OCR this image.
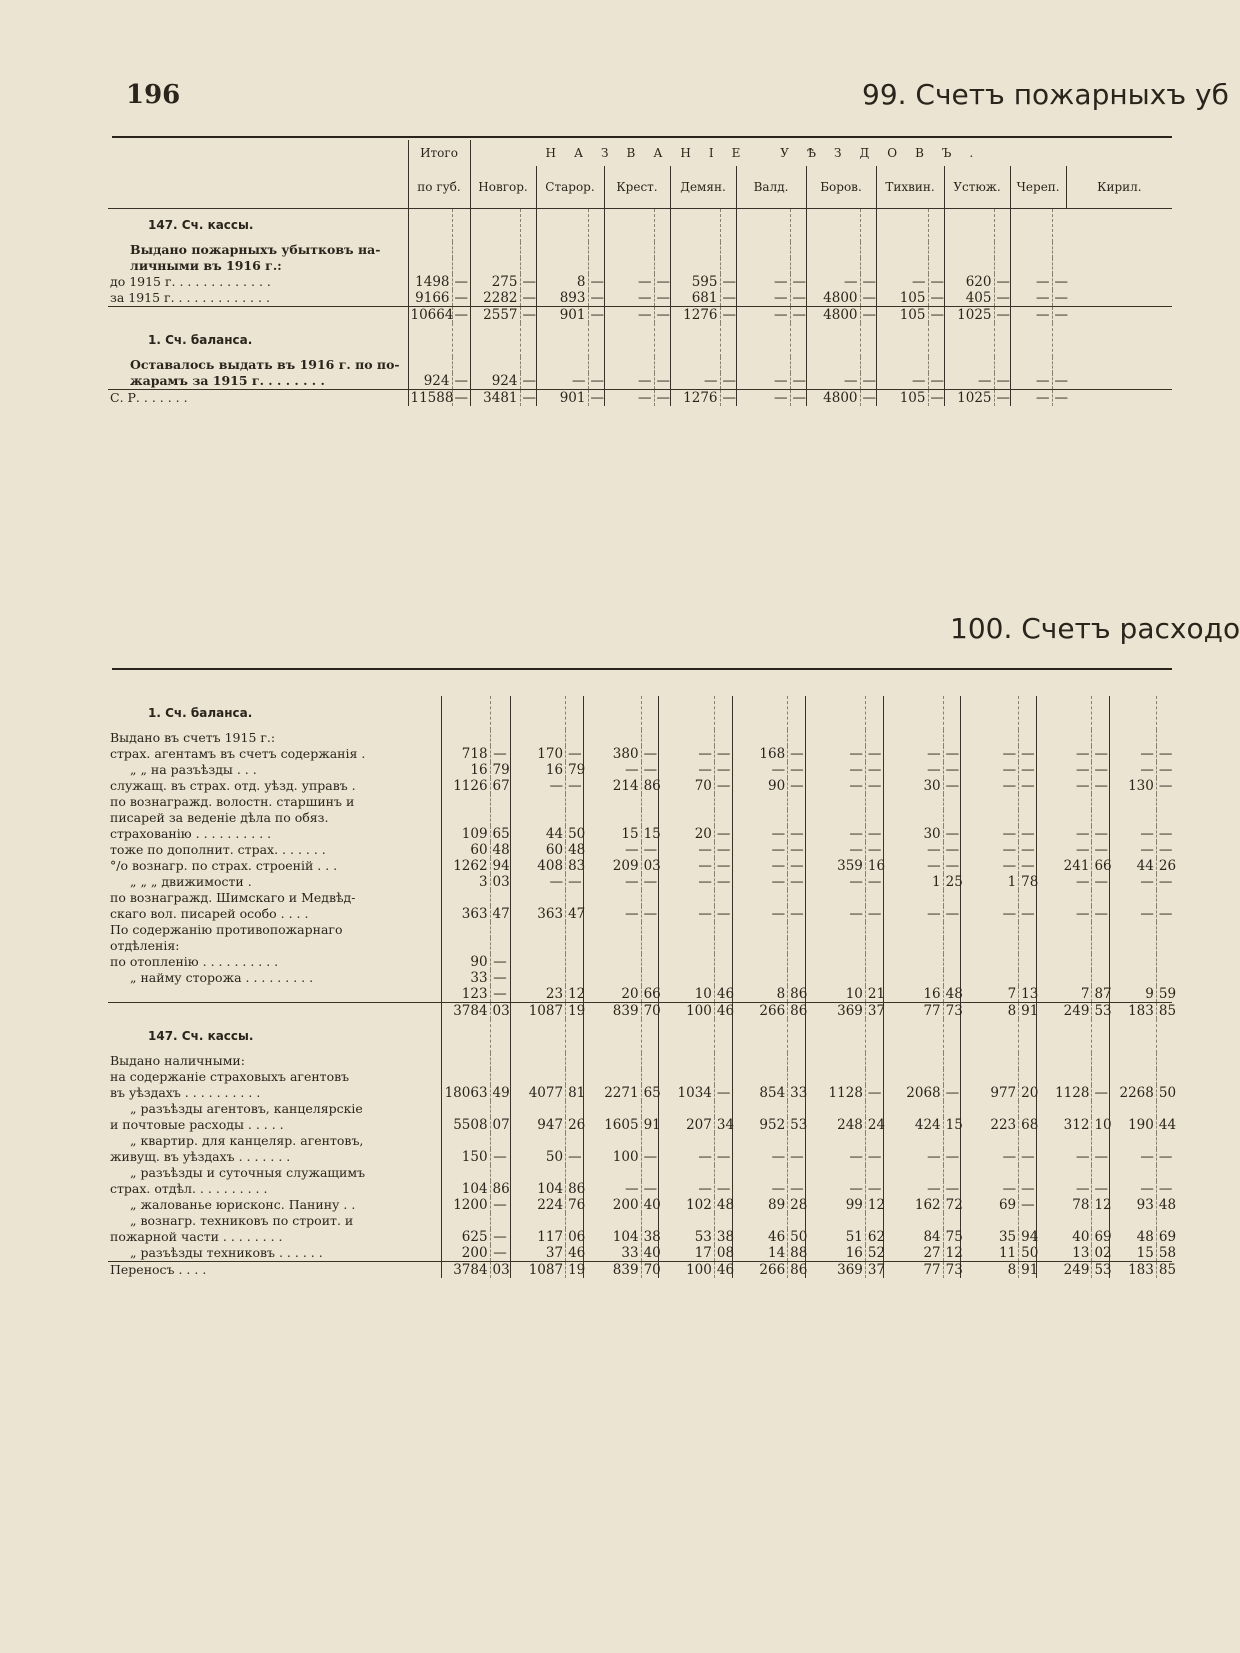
196	99. Счетъ пожарныхъ уб
	Итого		НАЗВАНІЕ УѢЗДОВЪ.																		
	по губ.		Новгор.		Старор.		Крест.		Демян.		Валд.		Боров.		Тихвин.		Устюж.		Череп.		Кирил.
147. Сч. кассы.																					
Выдано пожарныхъ убытковъ на-																					
личными въ 1916 г.:																					
до 1915 г. . . . . . . . . . . . .	1498	—	275	—	8	—	—	—	595	—	—	—	—	—	—	—	620	—	—	—	
за 1915 г. . . . . . . . . . . . .	9166	—	2282	—	893	—	—	—	681	—	—	—	4800	—	105	—	405	—	—	—	
	10664	—	2557	—	901	—	—	—	1276	—	—	—	4800	—	105	—	1025	—	—	—	
1. Сч. баланса.																					
Оставалось выдать въ 1916 г. по по-																					
жарамъ за 1915 г. . . . . . . .	924	—	924	—	—	—	—	—	—	—	—	—	—	—	—	—	—	—	—	—	
С. Р. . . . . . .	11588	—	3481	—	901	—	—	—	1276	—	—	—	4800	—	105	—	1025	—	—	—	
100. Счетъ расходо
1. Сч. баланса.																				
Выдано въ счетъ 1915 г.:																				
страх. агентамъ въ счетъ содержанія .	718	—	170	—	380	—	—	—	168	—	—	—	—	—	—	—	—	—	—	—
„ „ на разъѣзды . . .	16	79	16	79	—	—	—	—	—	—	—	—	—	—	—	—	—	—	—	—
служащ. въ страх. отд. уѣзд. управъ .	1126	67	—	—	214	86	70	—	90	—	—	—	30	—	—	—	—	—	130	—
по вознагражд. волостн. старшинъ и																				
писарей за веденіе дѣла по обяз.																				
страхованію . . . . . . . . . .	109	65	44	50	15	15	20	—	—	—	—	—	30	—	—	—	—	—	—	—
тоже по дополнит. страх. . . . . . .	60	48	60	48	—	—	—	—	—	—	—	—	—	—	—	—	—	—	—	—
°/о вознагр. по страх. строеній . . .	1262	94	408	83	209	03	—	—	—	—	359	16	—	—	—	—	241	66	44	26
„ „ „ движимости .	3	03	—	—	—	—	—	—	—	—	—	—	1	25	1	78	—	—	—	—
по вознагражд. Шимскаго и Медвѣд-																				
скаго вол. писарей особо . . . .	363	47	363	47	—	—	—	—	—	—	—	—	—	—	—	—	—	—	—	—
По содержанію противопожарнаго																				
отдѣленія:																				
по отопленію . . . . . . . . . .	90	—																		
„ найму сторожа . . . . . . . . .	33	—																		
	123	—	23	12	20	66	10	46	8	86	10	21	16	48	7	13	7	87	9	59
	3784	03	1087	19	839	70	100	46	266	86	369	37	77	73	8	91	249	53	183	85
147. Сч. кассы.																				
Выдано наличными:																				
на содержаніе страховыхъ агентовъ																				
въ уѣздахъ . . . . . . . . . .	18063	49	4077	81	2271	65	1034	—	854	33	1128	—	2068	—	977	20	1128	—	2268	50
„ разъѣзды агентовъ, канцелярскіе																				
и почтовые расходы . . . . .	5508	07	947	26	1605	91	207	34	952	53	248	24	424	15	223	68	312	10	190	44
„ квартир. для канцеляр. агентовъ,																				
живущ. въ уѣздахъ . . . . . . .	150	—	50	—	100	—	—	—	—	—	—	—	—	—	—	—	—	—	—	—
„ разъѣзды и суточныя служащимъ																				
страх. отдѣл. . . . . . . . . .	104	86	104	86	—	—	—	—	—	—	—	—	—	—	—	—	—	—	—	—
„ жалованье юрисконс. Панину . .	1200	—	224	76	200	40	102	48	89	28	99	12	162	72	69	—	78	12	93	48
„ вознагр. техниковъ по строит. и																				
пожарной части . . . . . . . .	625	—	117	06	104	38	53	38	46	50	51	62	84	75	35	94	40	69	48	69
„ разъѣзды техниковъ . . . . . .	200	—	37	46	33	40	17	08	14	88	16	52	27	12	11	50	13	02	15	58
Переносъ . . . .	3784	03	1087	19	839	70	100	46	266	86	369	37	77	73	8	91	249	53	183	85
